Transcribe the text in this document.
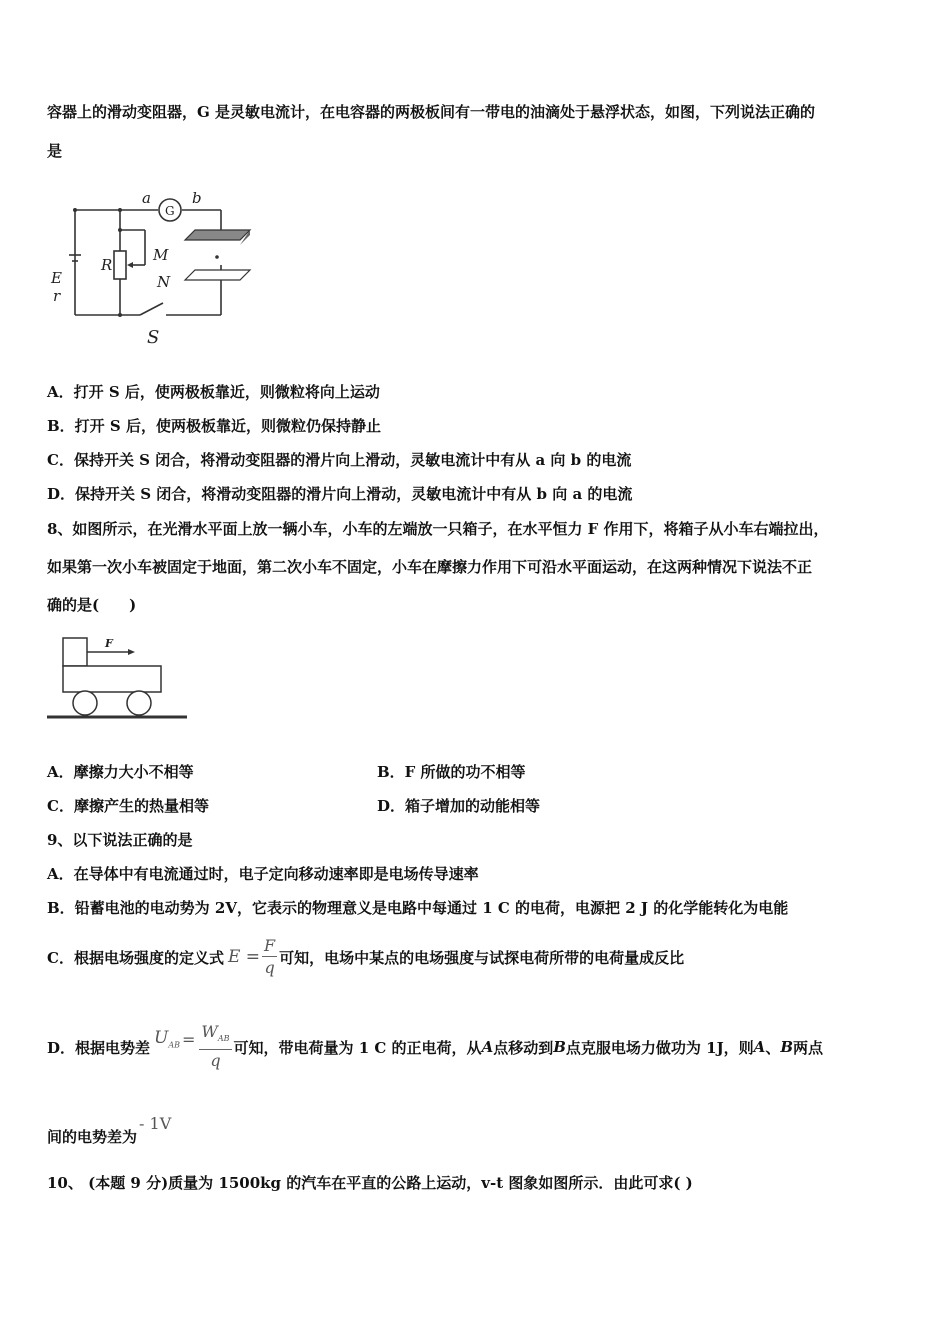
容器上的滑动变阻器，G 是灵敏电流计，在电容器的两极板间有一带电的油滴处于悬浮状态，如图，下列说法正确的
是
a
G
b
M
N
R
E
r
S
A．打开 S 后，使两极板靠近，则微粒将向上运动
B．打开 S 后，使两极板靠近，则微粒仍保持静止
C．保持开关 S 闭合，将滑动变阻器的滑片向上滑动，灵敏电流计中有从 a 向 b 的电流
D．保持开关 S 闭合，将滑动变阻器的滑片向上滑动，灵敏电流计中有从 b 向 a 的电流
8、如图所示，在光滑水平面上放一辆小车，小车的左端放一只箱子，在水平恒力 F 作用下，将箱子从小车右端拉出，
如果第一次小车被固定于地面，第二次小车不固定，小车在摩擦力作用下可沿水平面运动，在这两种情况下说法不正
确的是(　　)
F
A．摩擦力大小不相等	B．F 所做的功不相等
C．摩擦产生的热量相等	D．箱子增加的动能相等
9、以下说法正确的是
A．在导体中有电流通过时，电子定向移动速率即是电场传导速率
B．铅蓄电池的电动势为 2V，它表示的物理意义是电路中每通过 1 C 的电荷，电源把 2 J 的化学能转化为电能
C．根据电场强度的定义式 $E = \frac{F}{q}$ 可知，电场中某点的电场强度与试探电荷所带的电荷量成反比
D．根据电势差 $U_{AB} = \frac{W_{AB}}{q}$ 可知，带电荷量为 1 C 的正电荷，从 A 点移动到 B 点克服电场力做功为 1J，则 A 、 B 两点
间的电势差为
- 1V
10、 (本题 9 分)质量为 1500kg 的汽车在平直的公路上运动，v-t 图象如图所示．由此可求( )
